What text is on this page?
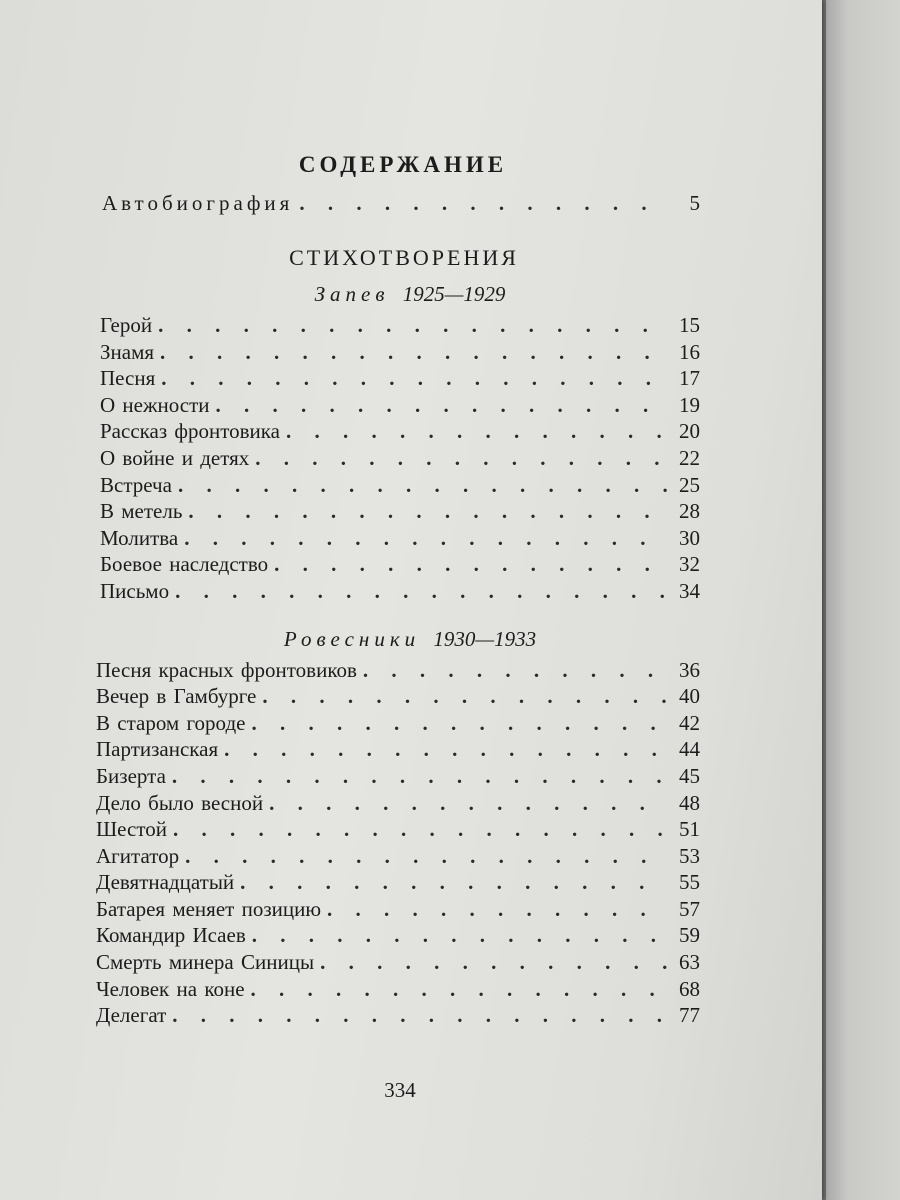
СОДЕРЖАНИЕ
Автобиография . . .	5
СТИХОТВОРЕНИЯ
Запев 1925—1929
Герой . . .	15
Знамя . . .	16
Песня . . .	17
О нежности . . .	19
Рассказ фронтовика . . .	20
О войне и детях . . .	22
Встреча . . .	25
В метель . . .	28
Молитва . . .	30
Боевое наследство . . .	32
Письмо . . .	34
Ровесники 1930—1933
Песня красных фронтовиков . . .	36
Вечер в Гамбурге . . .	40
В старом городе . . .	42
Партизанская . . .	44
Бизерта . . .	45
Дело было весной . . .	48
Шестой . . .	51
Агитатор . . .	53
Девятнадцатый . . .	55
Батарея меняет позицию . . .	57
Командир Исаев . . .	59
Смерть минера Синицы . . .	63
Человек на коне . . .	68
Делегат . . .	77
334
